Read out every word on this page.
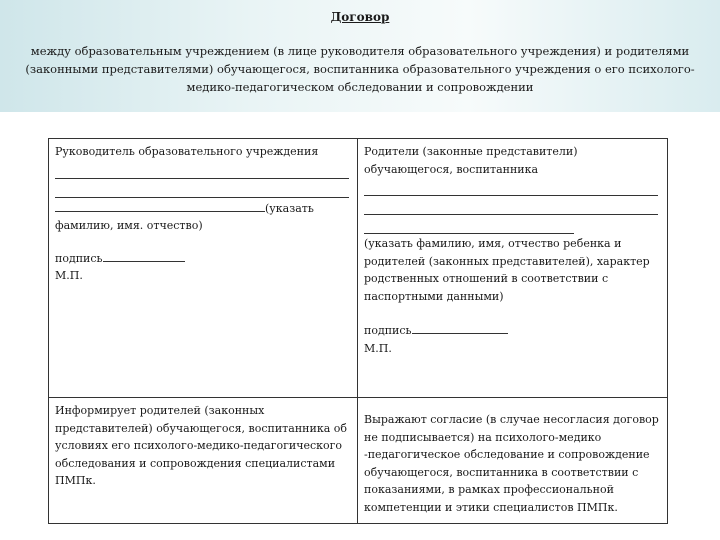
Договор
между образовательным учреждением (в лице руководителя образовательного учреждения) и родителями (законными представителями) обучающегося, воспитанника образовательного учреждения о его психолого-медико-педагогическом обследовании и сопровождении
Руководитель образовательного учреждения
(указать фамилию, имя. отчество)
подпись
М.П.
Родители (законные представители) обучающегося, воспитанника
(указать фамилию, имя, отчество ребенка и родителей (законных представителей), характер родственных отношений в соответствии с паспортными данными)
подпись
М.П.
Информирует родителей (законных представителей) обучающегося, воспитанника об условиях его психолого-медико-педагогического обследования и сопровождения специалистами ПМПк.

Выражают согласие (в случае несогласия договор не подписывается) на психолого-медико -педагогическое обследование и сопровождение обучающегося, воспитанника в соответствии с показаниями, в рамках профессиональной компетенции и этики специалистов ПМПк.
